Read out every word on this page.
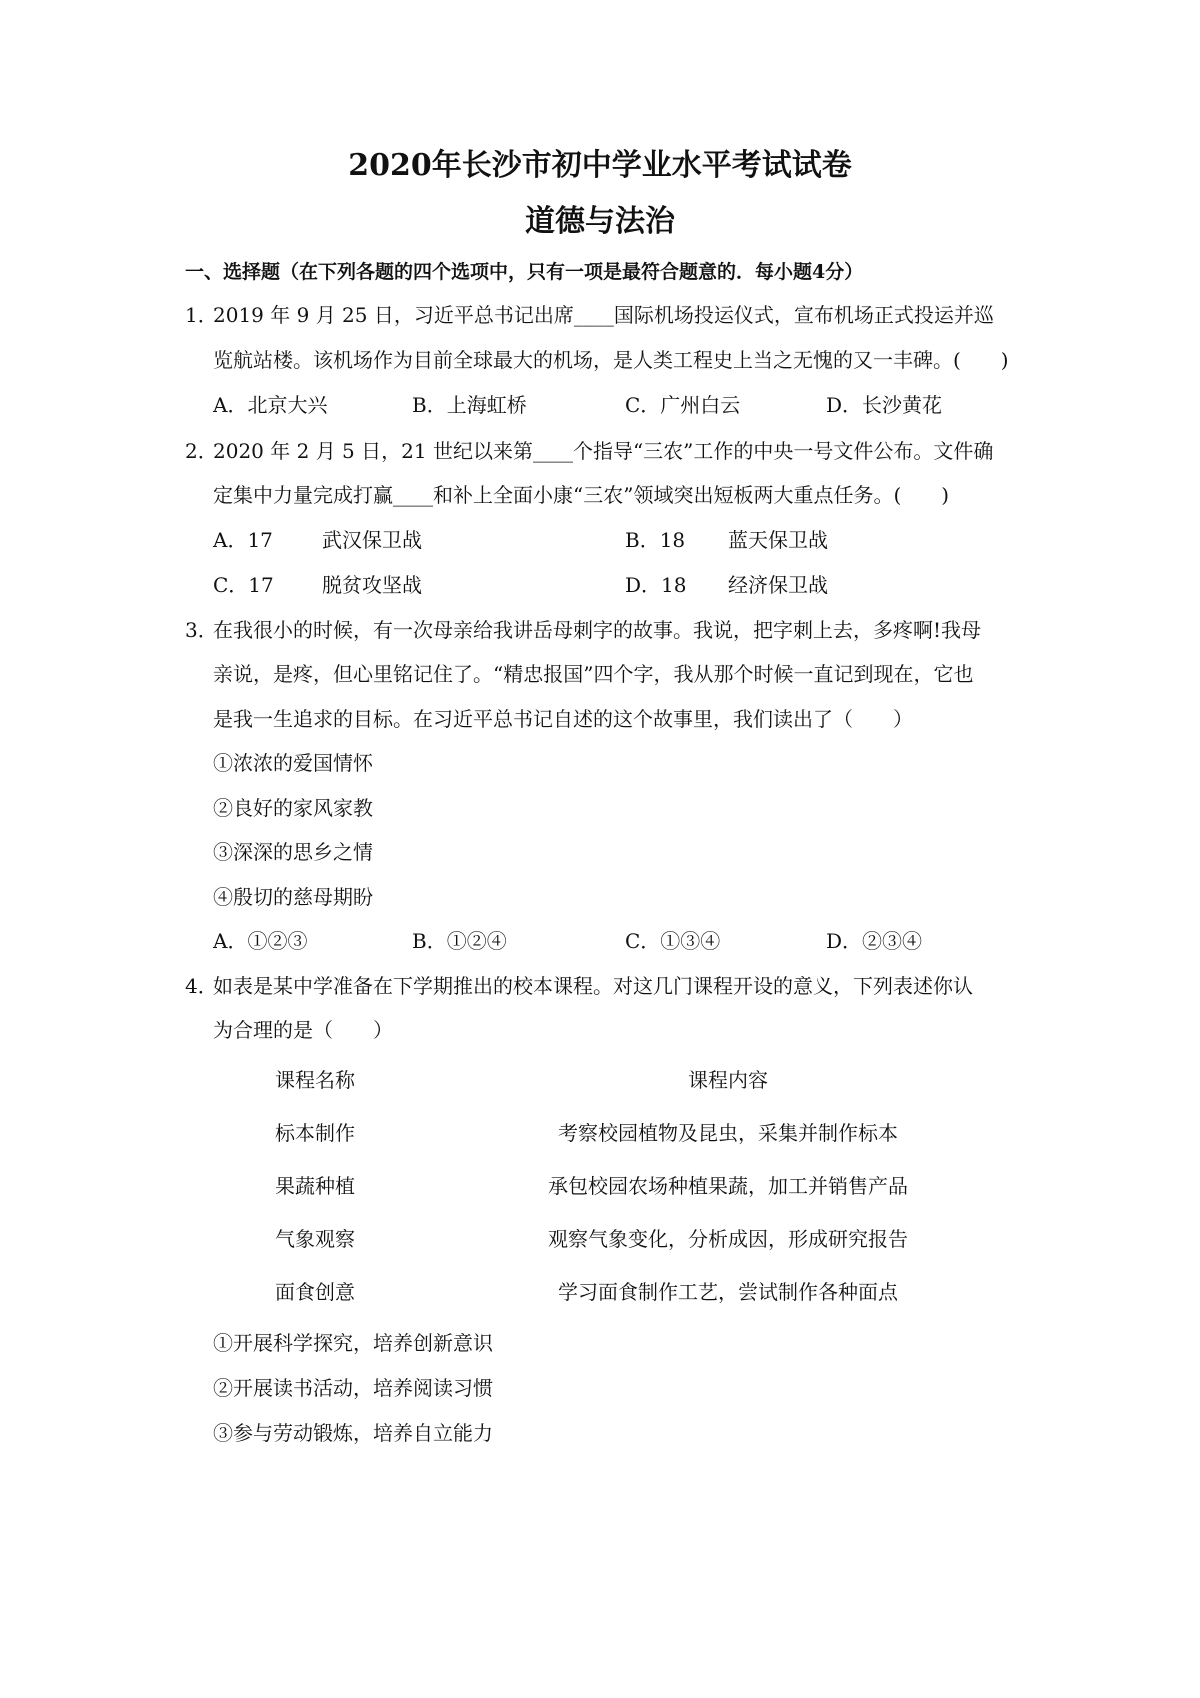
2020年长沙市初中学业水平考试试卷
道德与法治
一、选择题（在下列各题的四个选项中，只有一项是最符合题意的．每小题4分）
1．
2019 年 9 月 25 日，习近平总书记出席____国际机场投运仪式，宣布机场正式投运并巡
览航站楼。该机场作为目前全球最大的机场，是人类工程史上当之无愧的又一丰碑。(　　)
A．北京大兴	B．上海虹桥	C．广州白云	D．长沙黄花
2．
2020 年 2 月 5 日，21 世纪以来第____个指导“三农”工作的中央一号文件公布。文件确
定集中力量完成打赢____和补上全面小康“三农”领域突出短板两大重点任务。(　　)
A．17 武汉保卫战	B．18 蓝天保卫战
C．17 脱贫攻坚战	D．18 经济保卫战
3．
在我很小的时候，有一次母亲给我讲岳母刺字的故事。我说，把字刺上去，多疼啊!我母
亲说，是疼，但心里铭记住了。“精忠报国”四个字，我从那个时候一直记到现在，它也
是我一生追求的目标。在习近平总书记自述的这个故事里，我们读出了（　　）
①浓浓的爱国情怀
②良好的家风家教
③深深的思乡之情
④殷切的慈母期盼
A．①②③	B．①②④	C．①③④	D．②③④
4．
如表是某中学准备在下学期推出的校本课程。对这几门课程开设的意义，下列表述你认
为合理的是（　　）
课程名称	课程内容
标本制作	考察校园植物及昆虫，采集并制作标本
果蔬种植	承包校园农场种植果蔬，加工并销售产品
气象观察	观察气象变化，分析成因，形成研究报告
面食创意	学习面食制作工艺，尝试制作各种面点
①开展科学探究，培养创新意识
②开展读书活动，培养阅读习惯
③参与劳动锻炼，培养自立能力
